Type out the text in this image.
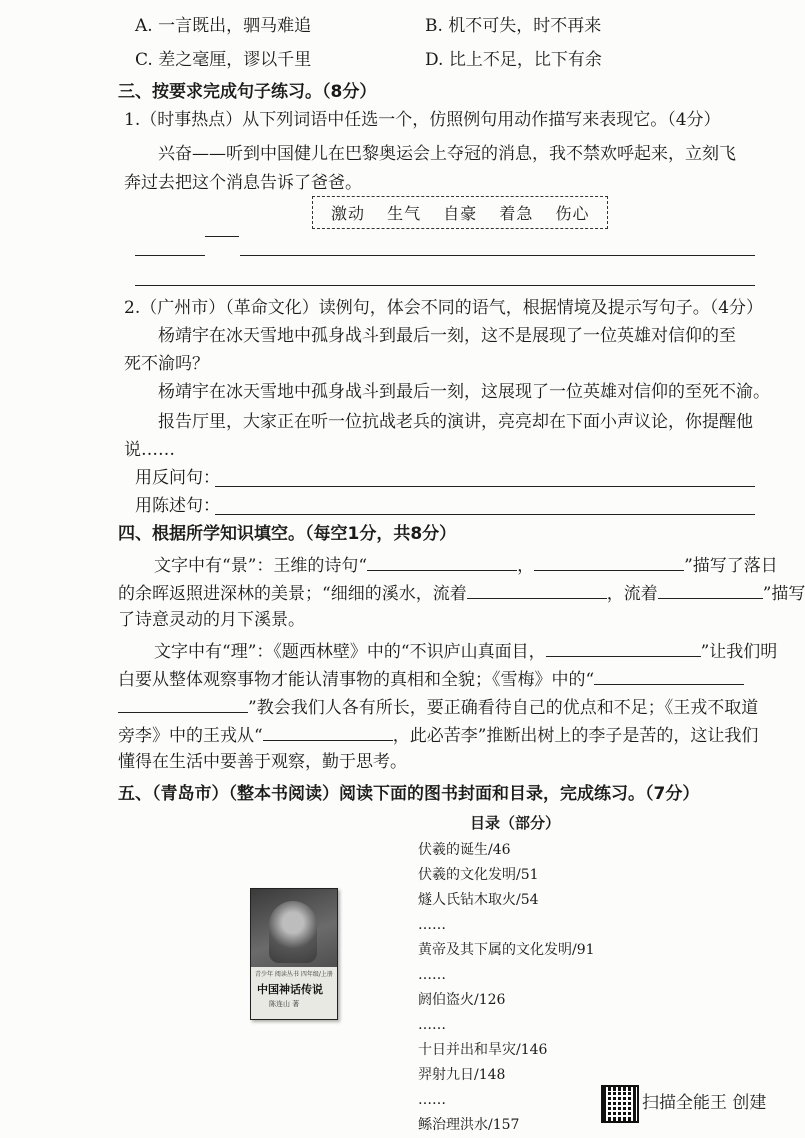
A. 一言既出，驷马难追	B. 机不可失，时不再来
C. 差之毫厘，谬以千里	D. 比上不足，比下有余
三、按要求完成句子练习。（8分）
1.（时事热点）从下列词语中任选一个，仿照例句用动作描写来表现它。（4分）
兴奋——听到中国健儿在巴黎奥运会上夺冠的消息，我不禁欢呼起来，立刻飞
奔过去把这个消息告诉了爸爸。
激动 生气 自豪 着急 伤心
2.（广州市）（革命文化）读例句，体会不同的语气，根据情境及提示写句子。（4分）
杨靖宇在冰天雪地中孤身战斗到最后一刻，这不是展现了一位英雄对信仰的至
死不渝吗？
杨靖宇在冰天雪地中孤身战斗到最后一刻，这展现了一位英雄对信仰的至死不渝。
报告厅里，大家正在听一位抗战老兵的演讲，亮亮却在下面小声议论，你提醒他
说……
用反问句：
用陈述句：
四、根据所学知识填空。（每空1分，共8分）
文字中有“景”：王维的诗句“	，	”描写了落日
的余晖返照进深林的美景；“细细的溪水，流着	，流着	”描写
了诗意灵动的月下溪景。
文字中有“理”：《题西林壁》中的“不识庐山真面目，	”让我们明
白要从整体观察事物才能认清事物的真相和全貌；《雪梅》中的“
”教会我们人各有所长，要正确看待自己的优点和不足；《王戎不取道
旁李》中的王戎从“	，此必苦李”推断出树上的李子是苦的，这让我们
懂得在生活中要善于观察，勤于思考。
五、（青岛市）（整本书阅读）阅读下面的图书封面和目录，完成练习。（7分）
青少年 阅读丛书 四年级/上册
中国神话传说
陈连山 著
目录（部分）
伏羲的诞生/46
伏羲的文化发明/51
燧人氏钻木取火/54
……
黄帝及其下属的文化发明/91
……
阏伯盗火/126
……
十日并出和旱灾/146
羿射九日/148
……
鲧治理洪水/157
扫描全能王 创建
